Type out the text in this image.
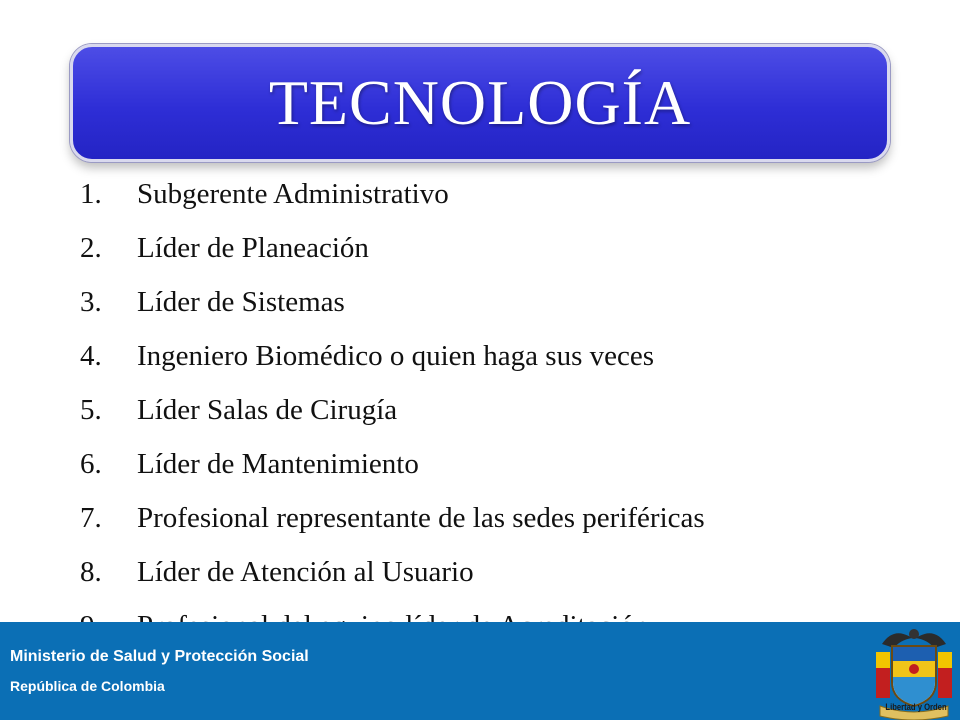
TECNOLOGÍA
1. Subgerente Administrativo
2. Líder de Planeación
3. Líder de Sistemas
4. Ingeniero Biomédico o quien haga sus veces
5. Líder Salas de Cirugía
6. Líder de Mantenimiento
7. Profesional representante de las sedes periféricas
8. Líder de Atención al Usuario
Ministerio de Salud y Protección Social
República de Colombia
Libertad y Orden
